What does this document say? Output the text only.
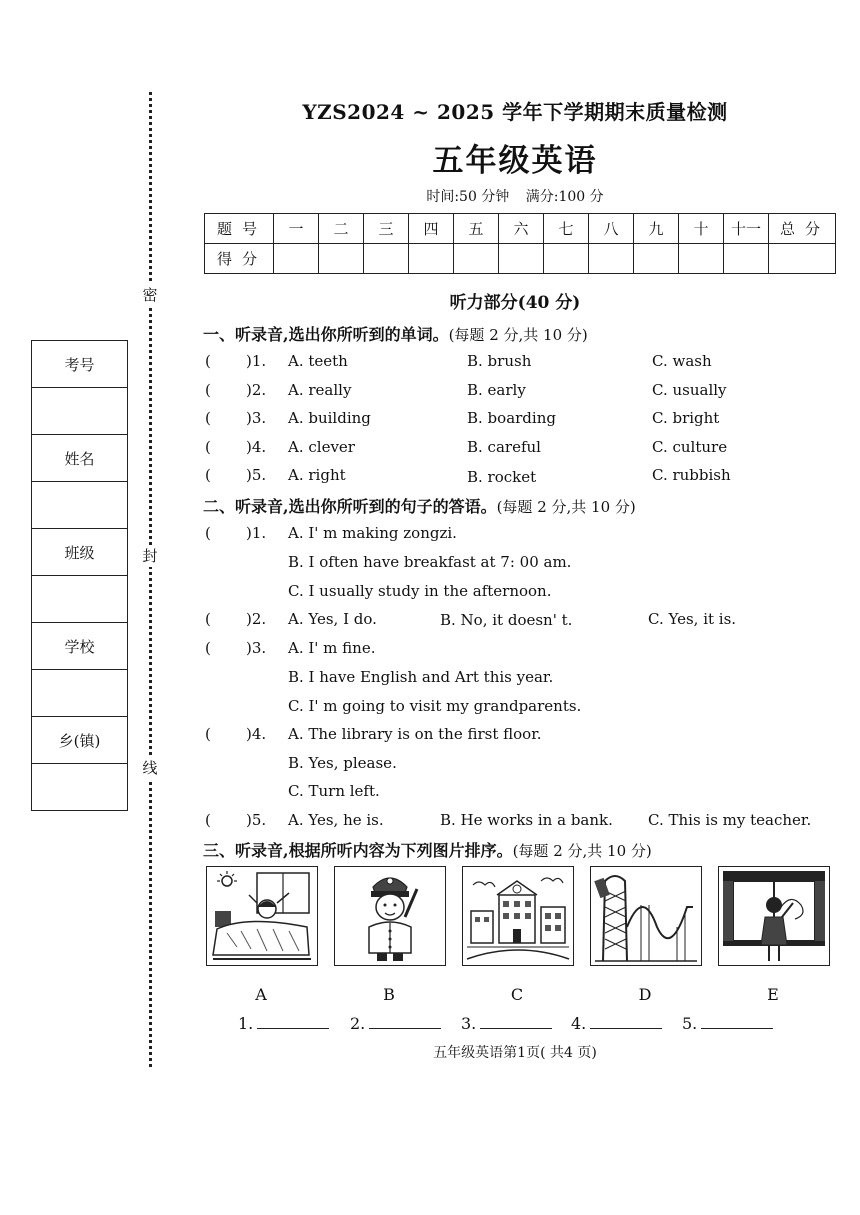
密
封
线
考号
姓名
班级
学校
乡(镇)
YZS2024 ~ 2025 学年下学期期末质量检测
五年级英语
时间:50 分钟 满分:100 分
题号	一	二	三	四	五	六	七	八	九	十	十一	总分
得分												
听力部分(40 分)
一、听录音,选出你所听到的单词。(每题 2 分,共 10 分)
( )1. A. teeth	B. brush	C. wash
( )2. A. really	B. early	C. usually
( )3. A. building	B. boarding	C. bright
( )4. A. clever	B. careful	C. culture
( )5. A. right	B. rocket	C. rubbish
二、听录音,选出你所听到的句子的答语。(每题 2 分,共 10 分)
( )1. A. I' m making zongzi.
B. I often have breakfast at 7: 00 am.
C. I usually study in the afternoon.
( )2. A. Yes, I do.	B. No, it doesn' t.	C. Yes, it is.
( )3. A. I' m fine.
B. I have English and Art this year.
C. I' m going to visit my grandparents.
( )4. A. The library is on the first floor.
B. Yes, please.
C. Turn left.
( )5. A. Yes, he is.	B. He works in a bank. C. This is my teacher.
三、听录音,根据所听内容为下列图片排序。(每题 2 分,共 10 分)
A	B	C	D	E
1.	2.	3.	4.	5.
五年级英语第1页( 共4 页)
